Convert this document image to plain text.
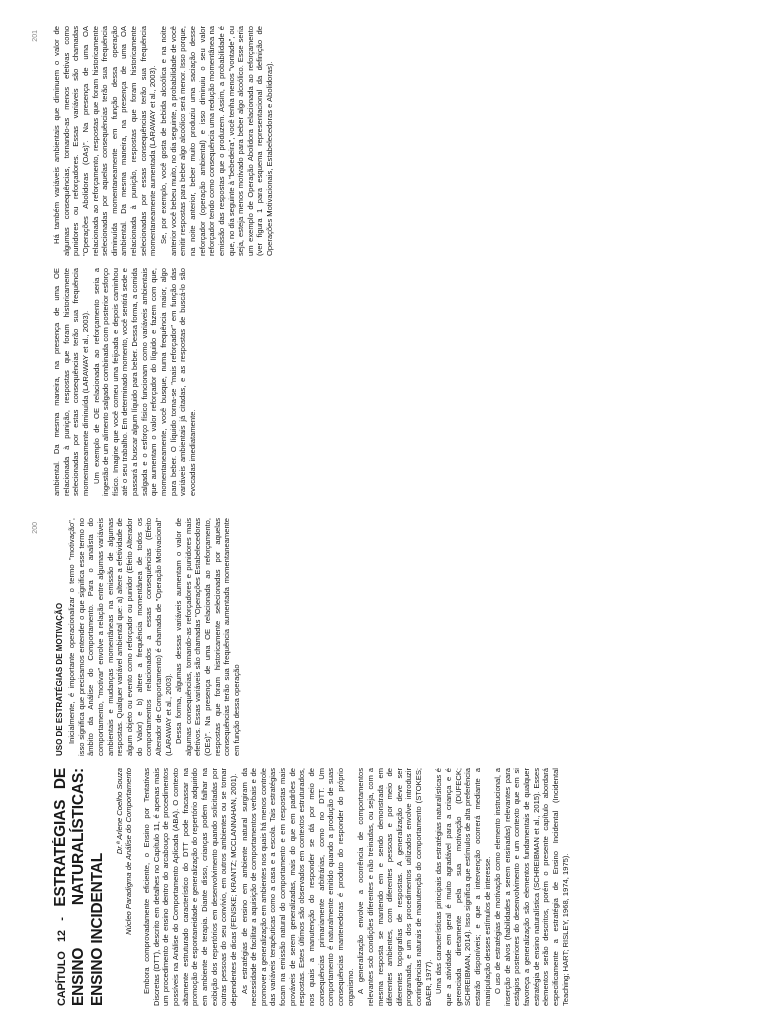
200
CAPÍTULO 12 - ESTRATÉGIAS DE ENSINO NATURALÍSTICAS: ENSINO INCIDENTAL

Dr.ª Arlene Coelho Souza Núcleo Paradigma de Análise do Comportamento Embora comprovadamente eficiente, o Ensino por Tentativas Discretas (DTT), descrito em detalhes no Capítulo 11, é apenas mais um procedimento de ensino dentro do arcabouço de procedimentos possíveis na Análise do Comportamento Aplicada (ABA). O contexto altamente estruturado característico do DTT pode fracassar na promoção de espontaneidade e generalização do repertório adquirido em ambiente de terapia. Diante disso, crianças podem falhar na exibição dos repertórios em desenvolvimento quando solicitadas por outras pessoas do seu convívio, em outros ambientes ou se tornar dependentes de dicas (FENSKE; KRANTZ; MCCLANNAHAN, 2001). As estratégias de ensino em ambiente natural surgiram da necessidade de facilitar a aquisição de comportamentos verbais e de promover a generalização em ambientes nos quais há menos controle das variáveis terapêuticas como a casa e a escola. Tais estratégias focam na emissão natural do comportamento e em respostas mais prováveis de serem generalizadas, mais do que em padrões de respostas. Estes últimos são observados em contextos estruturados, nos quais a manutenção do responder se dá por meio de consequências primariamente arbitrárias, como no DTT. Um comportamento é naturalmente emitido quando a produção de suas consequências mantenedoras é produto do responder do próprio organismo. A generalização envolve a ocorrência de comportamentos relevantes sob condições diferentes e não treinadas, ou seja, com a mesma resposta se mantendo em e sendo demonstrada em diferentes ambientes, com diferentes pessoas e por meio de diferentes topografias de respostas. A generalização deve ser programada, e um dos procedimentos utilizados envolve introduzir contingências naturais de manutenção do comportamento (STOKES; BAER, 1977). Uma das características principais das estratégias naturalísticas é que a atividade em geral é muito agradável para a criança e é gerenciada diretamente pela sua motivação (DUFECK; SCHREIBMAN, 2014). Isso significa que estímulos de alta preferência estarão disponíveis; e que a intervenção ocorrerá mediante a manipulação desses estímulos de interesse. O uso de estratégias de motivação como elemento instrucional, a inserção de alvos (habilidades a serem ensinadas) relevantes para estágios posteriores do desenvolvimento e um contexto que em si favoreça a generalização são elementos fundamentais de qualquer estratégia de ensino naturalística (SCHREIBMAN et al., 2015). Esses elementos serão descritos, porém o presente capítulo abordará especificamente a estratégia de Ensino Incidental (Incidental Teaching; HART; RISLEY, 1968, 1974, 1975).

USO DE ESTRATÉGIAS DE MOTIVAÇÃO Inicialmente, é importante operacionalizar o termo "motivação", isso significa que precisamos entender o que significa esse termo no âmbito da Análise do Comportamento. Para o analista do comportamento, "motivar" envolve a relação entre algumas variáveis ambientais e mudanças momentâneas na emissão de algumas respostas. Qualquer variável ambiental que: a) altere a efetividade de algum objeto ou evento como reforçador ou punidor (Efeito Alterador do Valor) e b) altere a frequência momentânea de todos os comportamentos relacionados a essas consequências (Efeito Alterador de Comportamento) é chamada de "Operação Motivacional" (LARAWAY et al., 2003). Dessa forma, algumas dessas variáveis aumentam o valor de algumas consequências, tornando-as reforçadores e punidores mais efetivos. Essas variáveis são chamadas "Operações Estabelecedoras (OEs)". Na presença de uma OE relacionada ao reforçamento, respostas que foram historicamente selecionadas por aquelas consequências terão sua frequência aumentada momentaneamente em função dessa operação

201

ambiental. Da mesma maneira, na presença de uma OE relacionada à punição, respostas que foram historicamente selecionadas por estas consequências terão sua frequência momentaneamente diminuída (LARAWAY et al., 2003). Um exemplo de OE relacionada ao reforçamento seria a ingestão de um alimento salgado combinada com posterior esforço físico. Imagine que você comeu uma feijoada e depois caminhou até o seu trabalho. Em determinado momento, você sentirá sede e passará a buscar algum líquido para beber. Dessa forma, a comida salgada e o esforço físico funcionam como variáveis ambientais que aumentam o valor reforçador do líquido e fazem com que, momentaneamente, você busque, numa frequência maior, algo para beber. O líquido torna-se "mais reforçador" em função das variáveis ambientais já citadas, e as respostas de buscá-lo são evocadas imediatamente.

Há também variáveis ambientais que diminuem o valor de algumas consequências, tornando-as menos efetivas como punidores ou reforçadores. Essas variáveis são chamadas "Operações Abolidoras (OAs)". Na presença de uma OA relacionada ao reforçamento, respostas que foram historicamente selecionadas por aquelas consequências terão sua frequência diminuída momentaneamente em função dessa operação ambiental. Da mesma maneira, na presença de uma OA relacionada à punição, respostas que foram historicamente selecionadas por essas consequências terão sua frequência momentaneamente aumentada (LARAWAY et al., 2003). Se, por exemplo, você gosta de bebida alcoólica e na noite anterior você bebeu muito, no dia seguinte, a probabilidade de você emitir respostas para beber algo alcoólico será menor. Isso porque, na noite anterior, beber muito produziu uma saciação desse reforçador (operação ambiental) e isso diminuiu o seu valor reforçador tendo como consequência uma redução momentânea na emissão das respostas que o produzem. Assim, a probabilidade é que, no dia seguinte à "bebedeira", você tenha menos "vontade", ou seja, esteja menos motivado para beber algo alcoólico. Esse seria um exemplo de Operação Abolidora relacionada ao reforçamento (ver figura 1 para esquema representacional da definição de Operações Motivacionais, Estabelecedoras e Abolidoras).
